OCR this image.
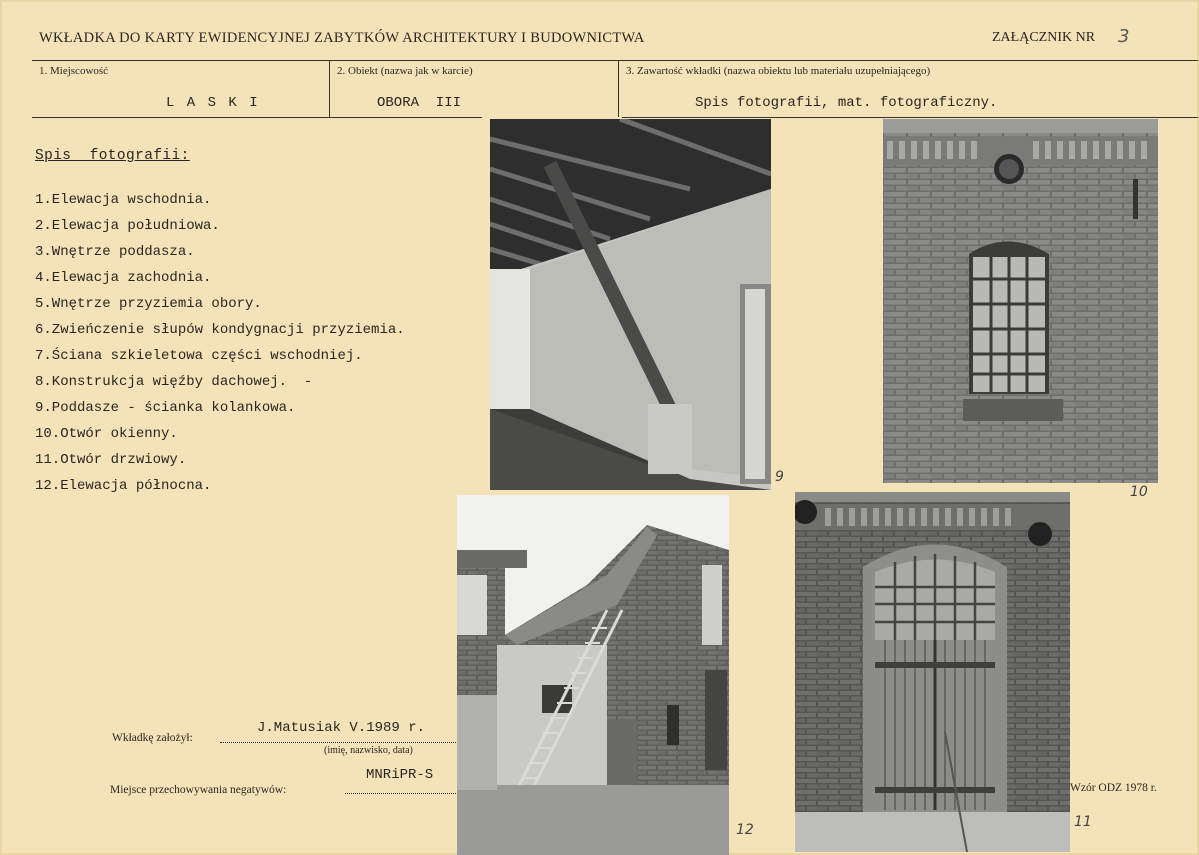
WKŁADKA DO KARTY EWIDENCYJNEJ ZABYTKÓW ARCHITEKTURY I BUDOWNICTWA	ZAŁĄCZNIK NR 3
1. Miejscowość
L A S K I
2. Obiekt (nazwa jak w karcie)
OBORA  III
3. Zawartość wkładki (nazwa obiektu lub materiału uzupełniającego)
Spis fotografii, mat. fotograficzny.
Spis  fotografii:
1.Elewacja wschodnia.
2.Elewacja południowa.
3.Wnętrze poddasza.
4.Elewacja zachodnia.
5.Wnętrze przyziemia obory.
6.Zwieńczenie słupów kondygnacji przyziemia.
7.Ściana szkieletowa części wschodniej.
8.Konstrukcja więźby dachowej.  -
9.Poddasze - ścianka kolankowa.
10.Otwór okienny.
11.Otwór drzwiowy.
12.Elewacja północna.
9
10
12	11
Wkładkę założył:
J.Matusiak V.1989 r.
(imię, nazwisko, data)
Miejsce przechowywania negatywów:
MNRiPR-S
Wzór ODZ 1978 r.
